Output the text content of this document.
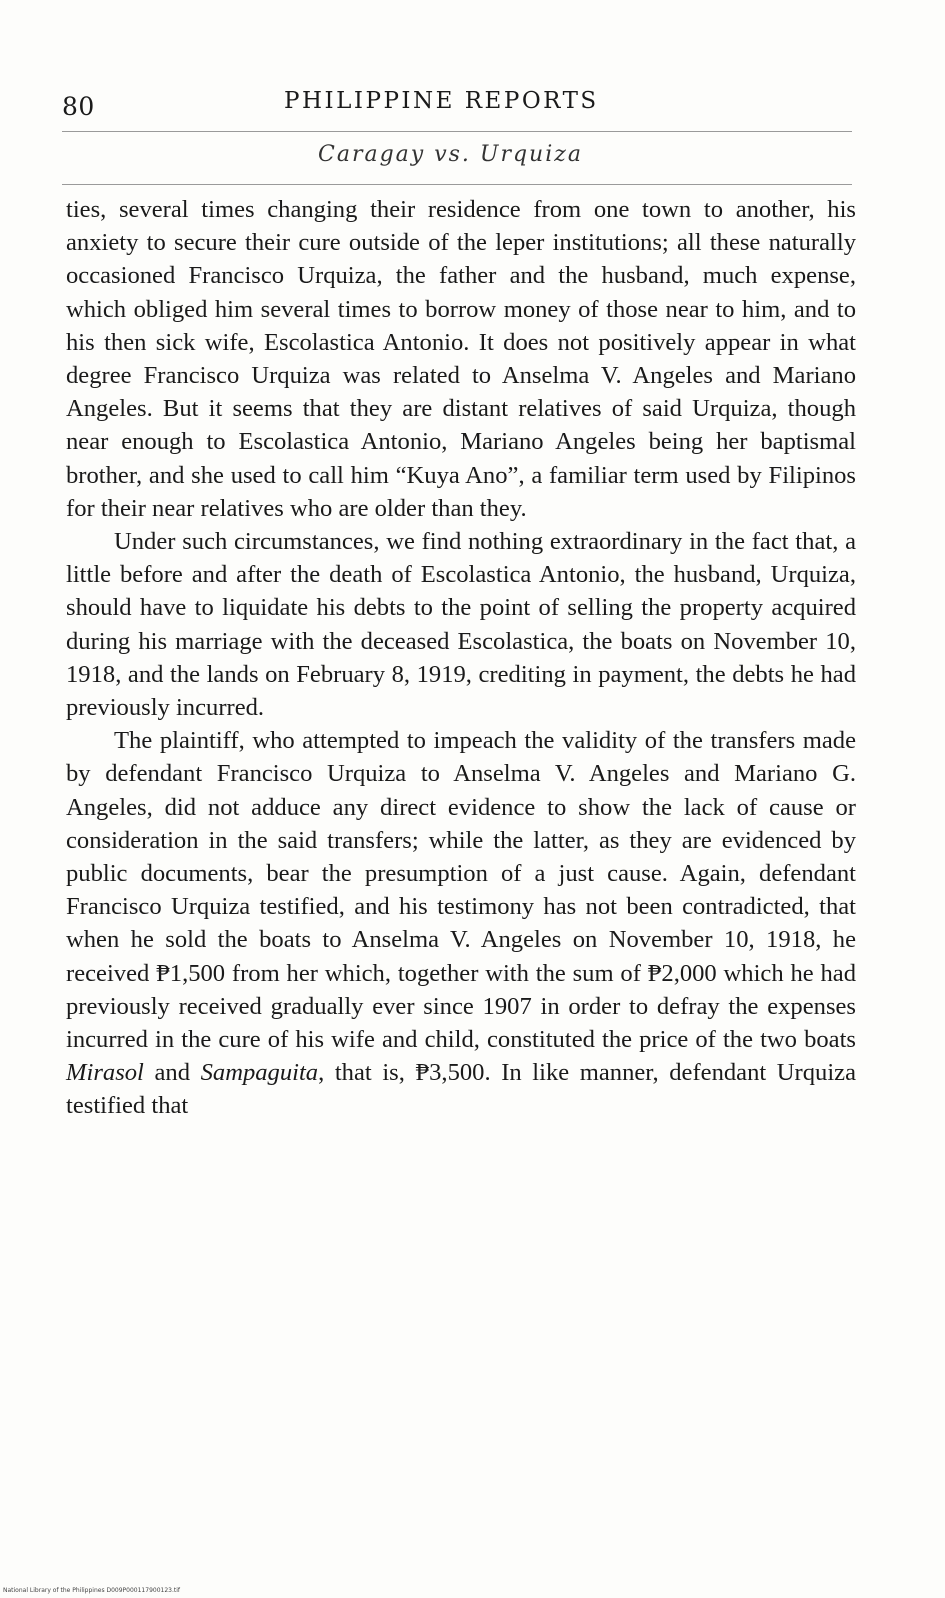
80	PHILIPPINE REPORTS
Caragay vs. Urquiza

ties, several times changing their residence from one town to another, his anxiety to secure their cure outside of the leper institutions; all these naturally occasioned Francisco Urquiza, the father and the husband, much expense, which obliged him several times to borrow money of those near to him, and to his then sick wife, Escolastica Antonio. It does not positively appear in what degree Francisco Urquiza was related to Anselma V. Angeles and Mariano Angeles. But it seems that they are distant relatives of said Urquiza, though near enough to Escolastica Antonio, Mariano Angeles being her baptismal brother, and she used to call him “Kuya Ano”, a familiar term used by Filipinos for their near relatives who are older than they.

Under such circumstances, we find nothing extraordinary in the fact that, a little before and after the death of Escolastica Antonio, the husband, Urquiza, should have to liquidate his debts to the point of selling the property acquired during his marriage with the deceased Escolastica, the boats on November 10, 1918, and the lands on February 8, 1919, crediting in payment, the debts he had previously incurred.

The plaintiff, who attempted to impeach the validity of the transfers made by defendant Francisco Urquiza to Anselma V. Angeles and Mariano G. Angeles, did not adduce any direct evidence to show the lack of cause or consideration in the said transfers; while the latter, as they are evidenced by public documents, bear the presumption of a just cause. Again, defendant Francisco Urquiza testified, and his testimony has not been contradicted, that when he sold the boats to Anselma V. Angeles on November 10, 1918, he received ₱1,500 from her which, together with the sum of ₱2,000 which he had previously received gradually ever since 1907 in order to defray the expenses incurred in the cure of his wife and child, constituted the price of the two boats Mirasol and Sampaguita, that is, ₱3,500. In like manner, defendant Urquiza testified that

National Library of the Philippines D009P000117900123.tif
